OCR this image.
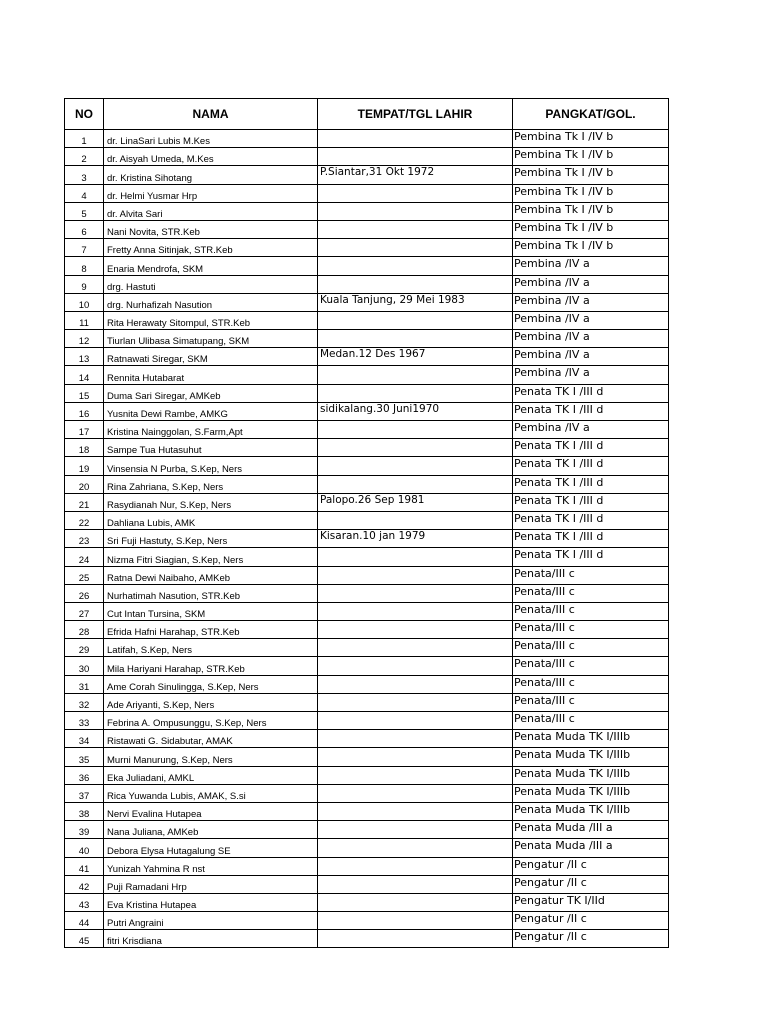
NO	NAMA	TEMPAT/TGL LAHIR	PANGKAT/GOL.
1	dr. LinaSari Lubis M.Kes		Pembina Tk I /IV b
2	dr. Aisyah Umeda, M.Kes		Pembina Tk I /IV b
3	dr. Kristina Sihotang	P.Siantar,31 Okt 1972	Pembina Tk I /IV b
4	dr. Helmi Yusmar Hrp		Pembina Tk I /IV b
5	dr. Alvita Sari		Pembina Tk I /IV b
6	Nani Novita, STR.Keb		Pembina Tk I /IV b
7	Fretty Anna Sitinjak, STR.Keb		Pembina Tk I /IV b
8	Enaria Mendrofa, SKM		Pembina /IV a
9	drg. Hastuti		Pembina /IV a
10	drg. Nurhafizah Nasution	Kuala Tanjung, 29 Mei 1983	Pembina /IV a
11	Rita Herawaty Sitompul, STR.Keb		Pembina /IV a
12	Tiurlan Ulibasa Simatupang, SKM		Pembina /IV a
13	Ratnawati Siregar, SKM	Medan.12 Des 1967	Pembina /IV a
14	Rennita Hutabarat		Pembina /IV a
15	Duma Sari Siregar, AMKeb		Penata TK I /III d
16	Yusnita Dewi Rambe, AMKG	sidikalang.30 Juni1970	Penata TK I /III d
17	Kristina Nainggolan, S.Farm,Apt		Pembina /IV a
18	Sampe Tua Hutasuhut		Penata TK I /III d
19	Vinsensia N Purba, S.Kep, Ners		Penata TK I /III d
20	Rina Zahriana, S.Kep, Ners		Penata TK I /III d
21	Rasydianah Nur, S.Kep, Ners	Palopo.26 Sep 1981	Penata TK I /III d
22	Dahliana Lubis, AMK		Penata TK I /III d
23	Sri Fuji Hastuty, S.Kep, Ners	Kisaran.10 jan 1979	Penata TK I /III d
24	Nizma Fitri Siagian, S.Kep, Ners		Penata TK I /III d
25	Ratna Dewi Naibaho, AMKeb		Penata/III c
26	Nurhatimah Nasution, STR.Keb		Penata/III c
27	Cut Intan Tursina, SKM		Penata/III c
28	Efrida Hafni Harahap, STR.Keb		Penata/III c
29	Latifah, S.Kep, Ners		Penata/III c
30	Mila Hariyani Harahap, STR.Keb		Penata/III c
31	Ame Corah Sinulingga, S.Kep, Ners		Penata/III c
32	Ade Ariyanti, S.Kep, Ners		Penata/III c
33	Febrina A. Ompusunggu, S.Kep, Ners		Penata/III c
34	Ristawati G. Sidabutar, AMAK		Penata Muda TK I/IIIb
35	Murni Manurung, S.Kep, Ners		Penata Muda TK I/IIIb
36	Eka Juliadani, AMKL		Penata Muda TK I/IIIb
37	Rica Yuwanda Lubis, AMAK, S.si		Penata Muda TK I/IIIb
38	Nervi Evalina Hutapea		Penata Muda TK I/IIIb
39	Nana Juliana, AMKeb		Penata Muda /III a
40	Debora Elysa Hutagalung SE		Penata Muda /III a
41	Yunizah Yahmina R nst		Pengatur /II c
42	Puji Ramadani Hrp		Pengatur /II c
43	Eva Kristina Hutapea		Pengatur TK I/IId
44	Putri Angraini		Pengatur /II c
45	fitri Krisdiana		Pengatur /II c
